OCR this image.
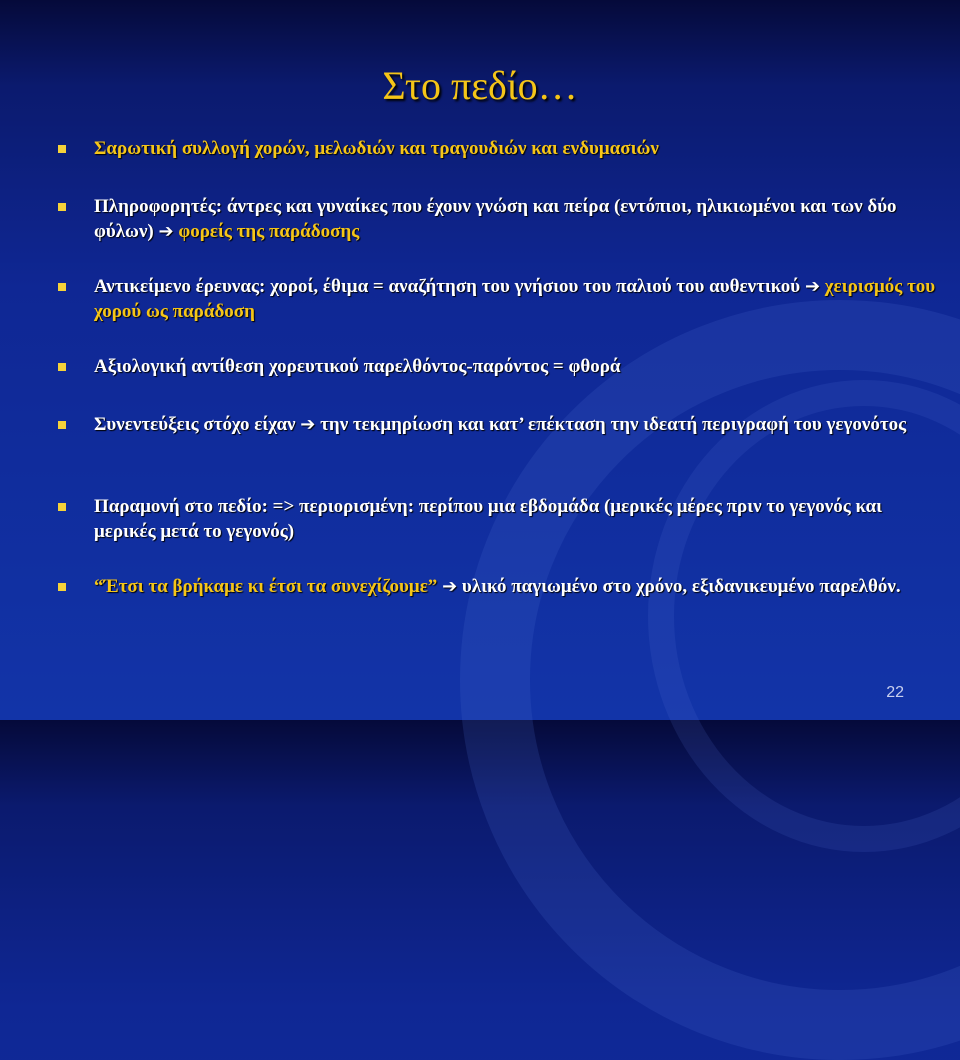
Στο πεδίο…
Σαρωτική συλλογή χορών, μελωδιών και τραγουδιών και ενδυμασιών
Πληροφορητές: άντρες και γυναίκες που έχουν γνώση και πείρα (εντόπιοι, ηλικιωμένοι και των δύο φύλων) ➔ φορείς της παράδοσης
Αντικείμενο έρευνας: χοροί, έθιμα = αναζήτηση του γνήσιου του παλιού του αυθεντικού ➔ χειρισμός του χορού ως παράδοση
Αξιολογική αντίθεση χορευτικού παρελθόντος-παρόντος = φθορά
Συνεντεύξεις στόχο είχαν ➔ την τεκμηρίωση και κατ’ επέκταση την ιδεατή περιγραφή του γεγονότος
Παραμονή στο πεδίο: => περιορισμένη: περίπου μια εβδομάδα (μερικές μέρες πριν το γεγονός και μερικές μετά το γεγονός)
“Έτσι τα βρήκαμε κι έτσι τα συνεχίζουμε” ➔ υλικό παγιωμένο στο χρόνο, εξιδανικευμένο παρελθόν.
22
